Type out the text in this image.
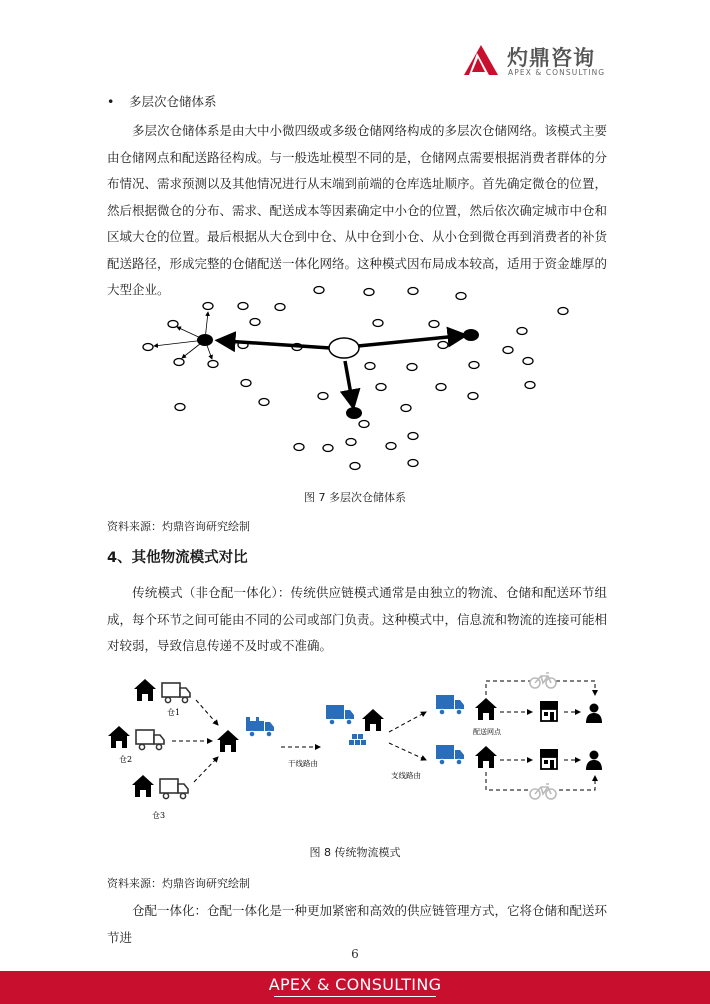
灼鼎咨询
APEX & CONSULTING
• 多层次仓储体系

多层次仓储体系是由大中小微四级或多级仓储网络构成的多层次仓储网络。该模式主要由仓储网点和配送路径构成。与一般选址模型不同的是，仓储网点需要根据消费者群体的分布情况、需求预测以及其他情况进行从末端到前端的仓库选址顺序。首先确定微仓的位置，然后根据微仓的分布、需求、配送成本等因素确定中小仓的位置，然后依次确定城市中仓和区域大仓的位置。最后根据从大仓到中仓、从中仓到小仓、从小仓到微仓再到消费者的补货配送路径，形成完整的仓储配送一体化网络。这种模式因布局成本较高，适用于资金雄厚的大型企业。

图 7 多层次仓储体系
资料来源：灼鼎咨询研究绘制
4、其他物流模式对比

传统模式（非仓配一体化）：传统供应链模式通常是由独立的物流、仓储和配送环节组成，每个环节之间可能由不同的公司或部门负责。这种模式中，信息流和物流的连接可能相对较弱，导致信息传递不及时或不准确。

仓1
仓2
仓3
干线路由
支线路由
配送网点
图 8 传统物流模式
资料来源：灼鼎咨询研究绘制

仓配一体化：仓配一体化是一种更加紧密和高效的供应链管理方式，它将仓储和配送环节进

6
APEX & CONSULTING
